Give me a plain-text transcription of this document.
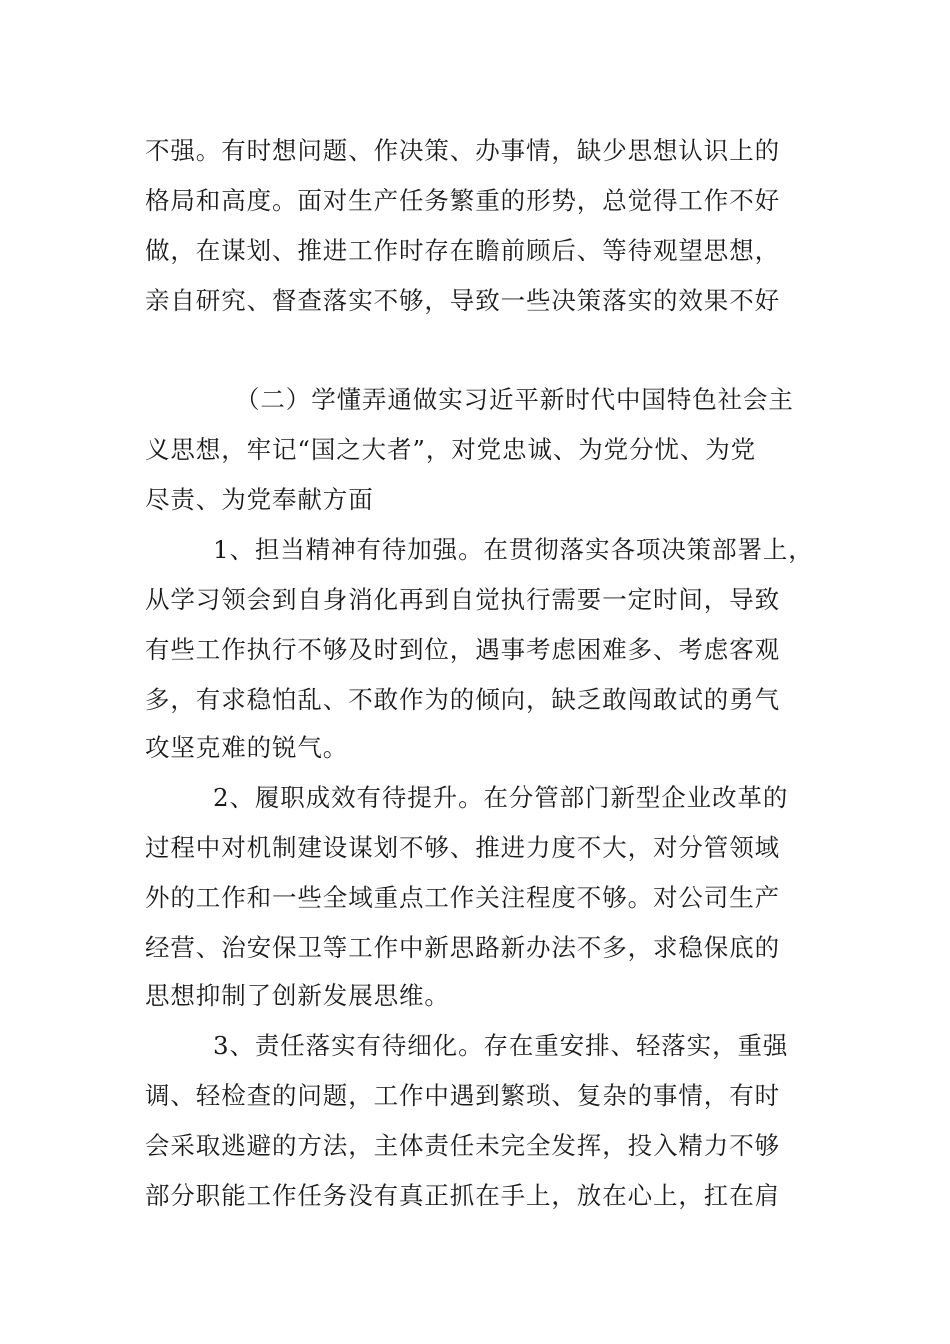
不强。有时想问题、作决策、办事情，缺少思想认识上的
格局和高度。面对生产任务繁重的形势，总觉得工作不好
做，在谋划、推进工作时存在瞻前顾后、等待观望思想，
亲自研究、督查落实不够，导致一些决策落实的效果不好
（二）学懂弄通做实习近平新时代中国特色社会主
义思想，牢记“国之大者”，对党忠诚、为党分忧、为党
尽责、为党奉献方面
1、担当精神有待加强。在贯彻落实各项决策部署上，
从学习领会到自身消化再到自觉执行需要一定时间，导致
有些工作执行不够及时到位，遇事考虑困难多、考虑客观
多，有求稳怕乱、不敢作为的倾向，缺乏敢闯敢试的勇气
攻坚克难的锐气。
2、履职成效有待提升。在分管部门新型企业改革的
过程中对机制建设谋划不够、推进力度不大，对分管领域
外的工作和一些全域重点工作关注程度不够。对公司生产
经营、治安保卫等工作中新思路新办法不多，求稳保底的
思想抑制了创新发展思维。
3、责任落实有待细化。存在重安排、轻落实，重强
调、轻检查的问题，工作中遇到繁琐、复杂的事情，有时
会采取逃避的方法，主体责任未完全发挥，投入精力不够
部分职能工作任务没有真正抓在手上，放在心上，扛在肩
